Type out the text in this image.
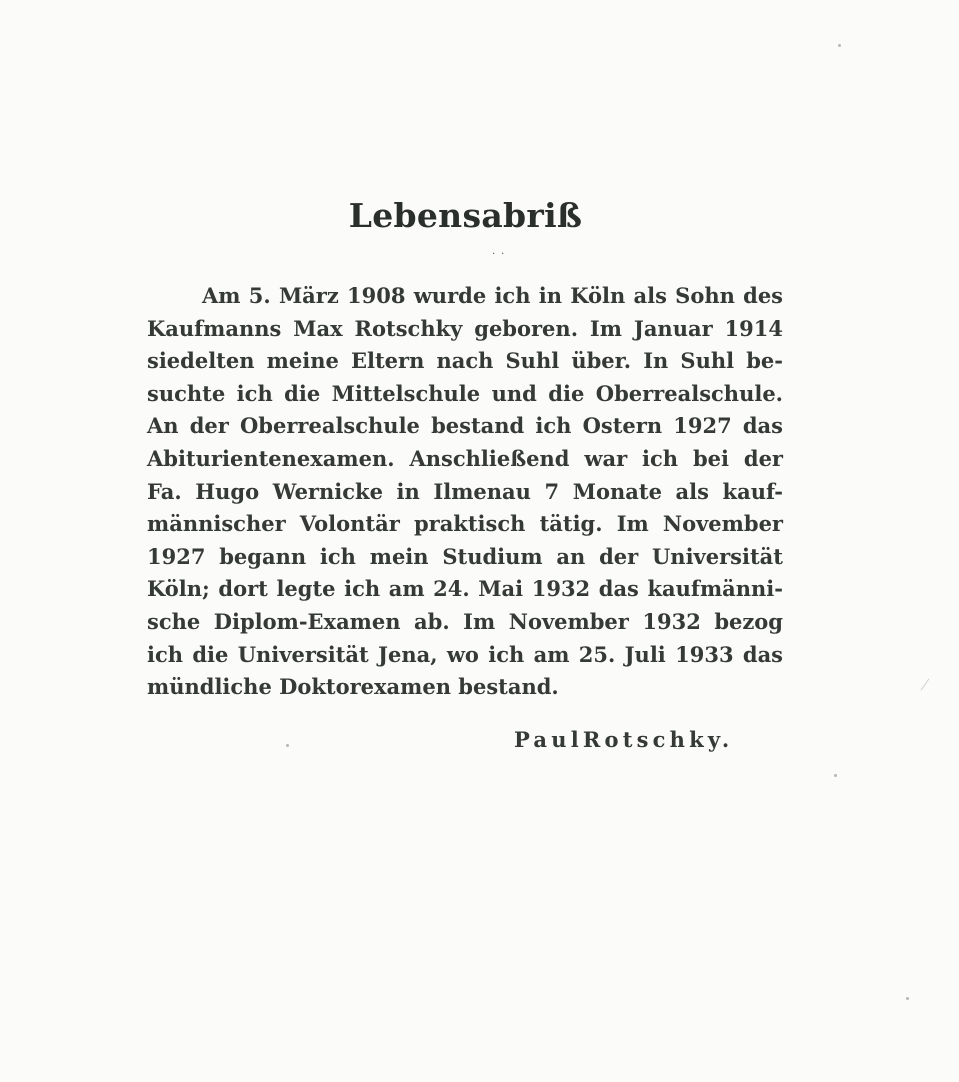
Lebensabriß
··
Am 5. März 1908 wurde ich in Köln als Sohn des
Kaufmanns Max Rotschky geboren. Im Januar 1914
siedelten meine Eltern nach Suhl über. In Suhl be-
suchte ich die Mittelschule und die Oberrealschule.
An der Oberrealschule bestand ich Ostern 1927 das
Abiturientenexamen. Anschließend war ich bei der
Fa. Hugo Wernicke in Ilmenau 7 Monate als kauf-
männischer Volontär praktisch tätig. Im November
1927 begann ich mein Studium an der Universität
Köln; dort legte ich am 24. Mai 1932 das kaufmänni-
sche Diplom-Examen ab. Im November 1932 bezog
ich die Universität Jena, wo ich am 25. Juli 1933 das
mündliche Doktorexamen bestand.
PaulRotschky.
